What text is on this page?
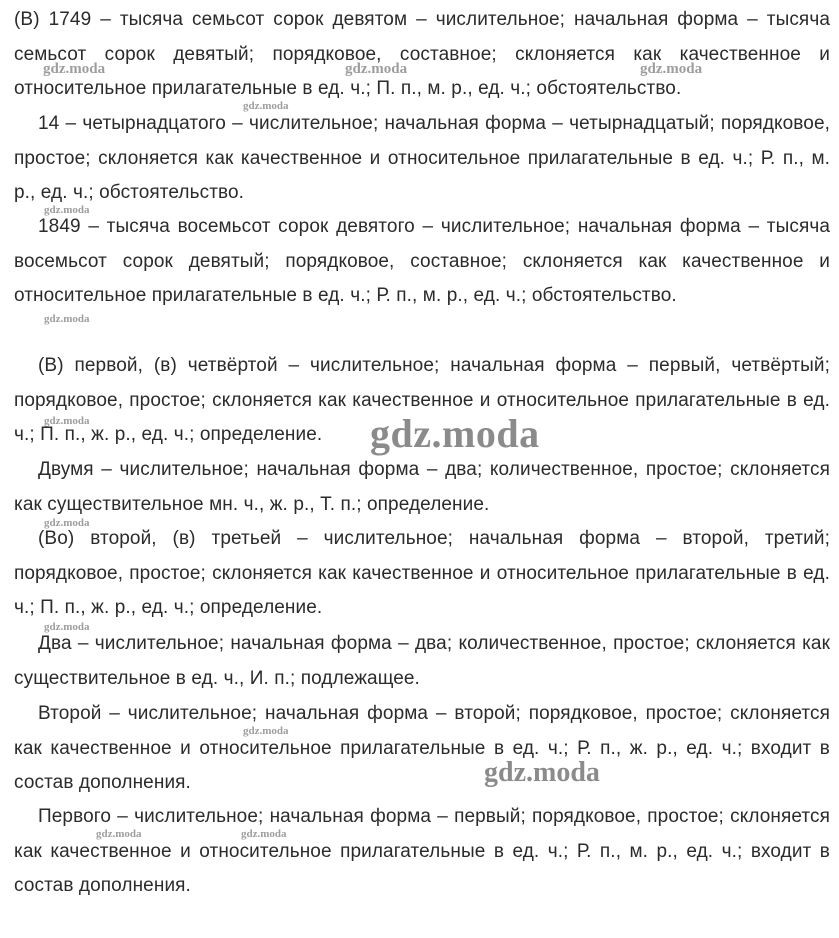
(В) 1749 – тысяча семьсот сорок девятом – числительное; начальная форма – тысяча семьсот сорок девятый; порядковое, составное; склоняется как качественное и относительное прилагательные в ед. ч.; П. п., м. р., ед. ч.; обстоятельство.

14 – четырнадцатого – числительное; начальная форма – четырнадцатый; порядковое, простое; склоняется как качественное и относительное прилагательные в ед. ч.; Р. п., м. р., ед. ч.; обстоятельство.

1849 – тысяча восемьсот сорок девятого – числительное; начальная форма – тысяча восемьсот сорок девятый; порядковое, составное; склоняется как качественное и относительное прилагательные в ед. ч.; Р. п., м. р., ед. ч.; обстоятельство.

(В) первой, (в) четвёртой – числительное; начальная форма – первый, четвёртый; порядковое, простое; склоняется как качественное и относительное прилагательные в ед. ч.; П. п., ж. р., ед. ч.; определение.

Двумя – числительное; начальная форма – два; количественное, простое; склоняется как существительное мн. ч., ж. р., Т. п.; определение.

(Во) второй, (в) третьей – числительное; начальная форма – второй, третий; порядковое, простое; склоняется как качественное и относительное прилагательные в ед. ч.; П. п., ж. р., ед. ч.; определение.

Два – числительное; начальная форма – два; количественное, простое; склоняется как существительное в ед. ч., И. п.; подлежащее.

Второй – числительное; начальная форма – второй; порядковое, простое; склоняется как качественное и относительное прилагательные в ед. ч.; Р. п., ж. р., ед. ч.; входит в состав дополнения.

Первого – числительное; начальная форма – первый; порядковое, простое; склоняется как качественное и относительное прилагательные в ед. ч.; Р. п., м. р., ед. ч.; входит в состав дополнения.

gdz.moda	gdz.moda	gdz.moda
gdz.moda
gdz.moda
gdz.moda
gdz.moda	gdz.moda
gdz.moda
gdz.moda
gdz.moda
gdz.moda
gdz.moda	gdz.moda
